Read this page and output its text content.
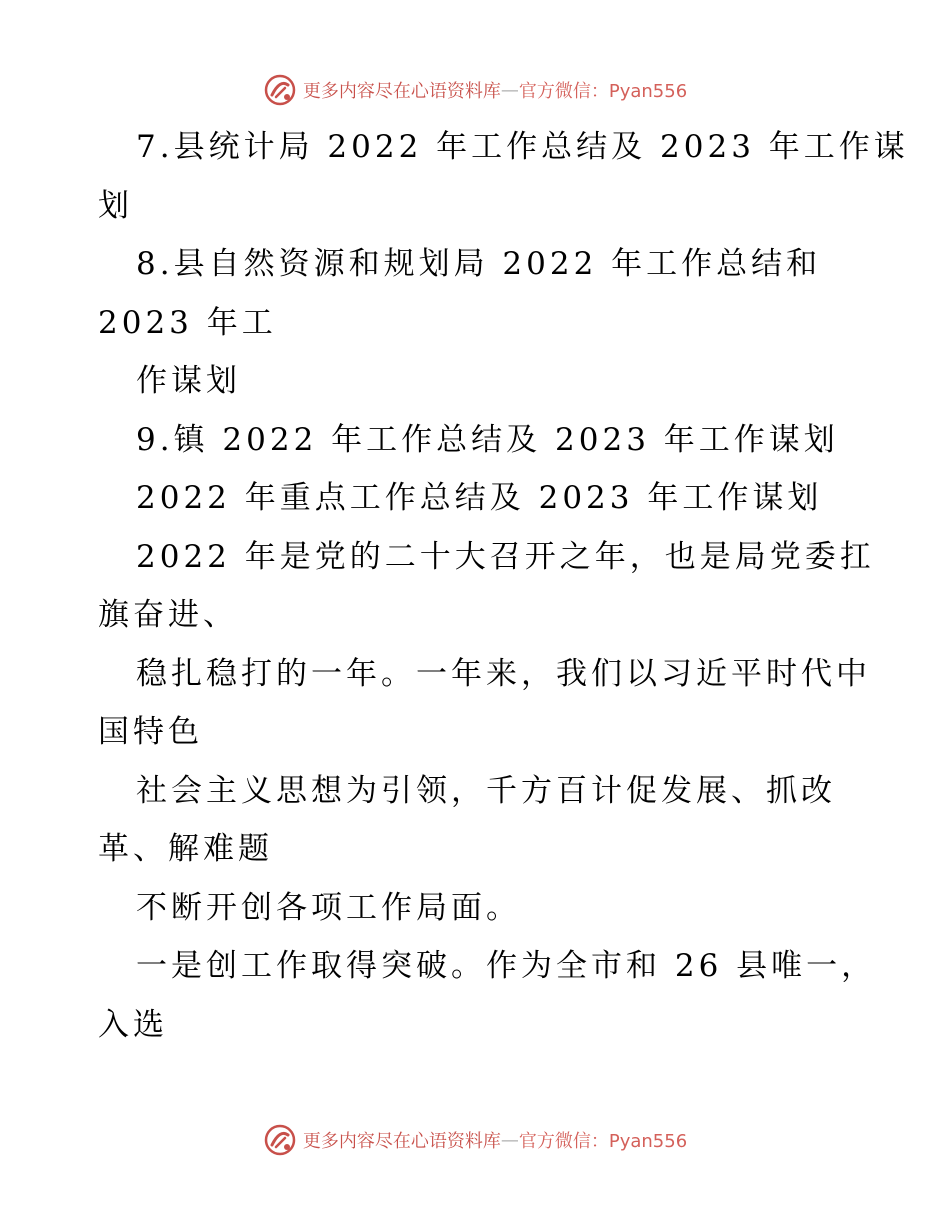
更多内容尽在心语资料库 — 官方微信：Pyan556
7.县统计局 2022 年工作总结及 2023 年工作谋
划
8.县自然资源和规划局 2022 年工作总结和
2023 年工
作谋划
9.镇 2022 年工作总结及 2023 年工作谋划
2022 年重点工作总结及 2023 年工作谋划
2022 年是党的二十大召开之年，也是局党委扛
旗奋进、
稳扎稳打的一年。一年来，我们以习近平时代中
国特色
社会主义思想为引领，千方百计促发展、抓改
革、解难题
不断开创各项工作局面。
一是创工作取得突破。作为全市和 26 县唯一，
入选
更多内容尽在心语资料库 — 官方微信：Pyan556
